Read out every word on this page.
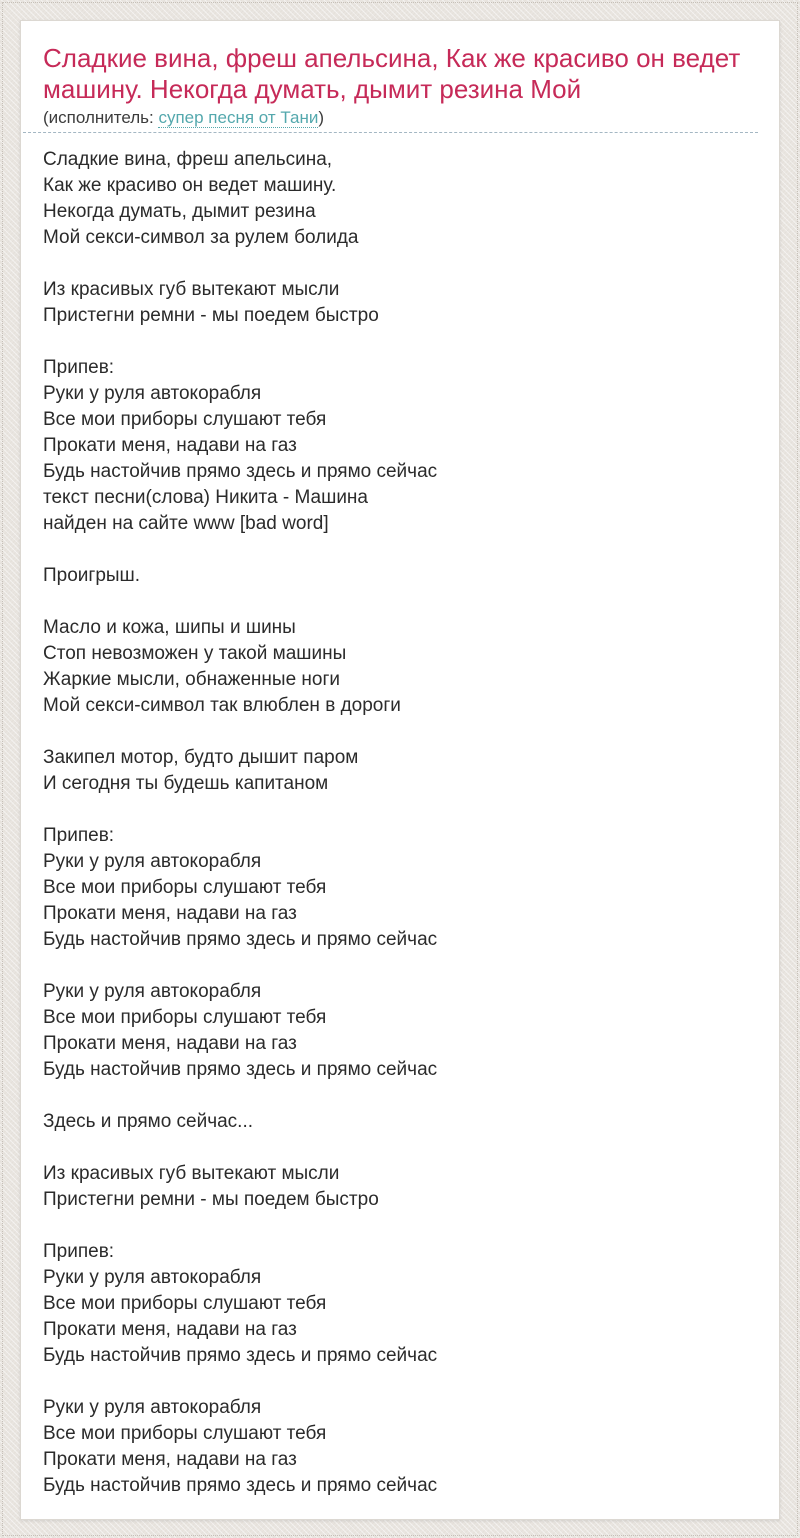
Сладкие вина, фреш апельсина, Как же красиво он ведет машину. Некогда думать, дымит резина Мой
(исполнитель: супер песня от Тани)

Сладкие вина, фреш апельсина,
Как же красиво он ведет машину.
Некогда думать, дымит резина
Мой секси-символ за рулем болида

Из красивых губ вытекают мысли
Пристегни ремни - мы поедем быстро

Припев:
Руки у руля автокорабля
Все мои приборы слушают тебя
Прокати меня, надави на газ
Будь настойчив прямо здесь и прямо сейчас
текст песни(слова) Никита - Машина
найден на сайте www [bad word]

Проигрыш.

Масло и кожа, шипы и шины
Стоп невозможен у такой машины
Жаркие мысли, обнаженные ноги
Мой секси-символ так влюблен в дороги

Закипел мотор, будто дышит паром
И сегодня ты будешь капитаном

Припев:
Руки у руля автокорабля
Все мои приборы слушают тебя
Прокати меня, надави на газ
Будь настойчив прямо здесь и прямо сейчас

Руки у руля автокорабля
Все мои приборы слушают тебя
Прокати меня, надави на газ
Будь настойчив прямо здесь и прямо сейчас

Здесь и прямо сейчас...

Из красивых губ вытекают мысли
Пристегни ремни - мы поедем быстро

Припев:
Руки у руля автокорабля
Все мои приборы слушают тебя
Прокати меня, надави на газ
Будь настойчив прямо здесь и прямо сейчас

Руки у руля автокорабля
Все мои приборы слушают тебя
Прокати меня, надави на газ
Будь настойчив прямо здесь и прямо сейчас
